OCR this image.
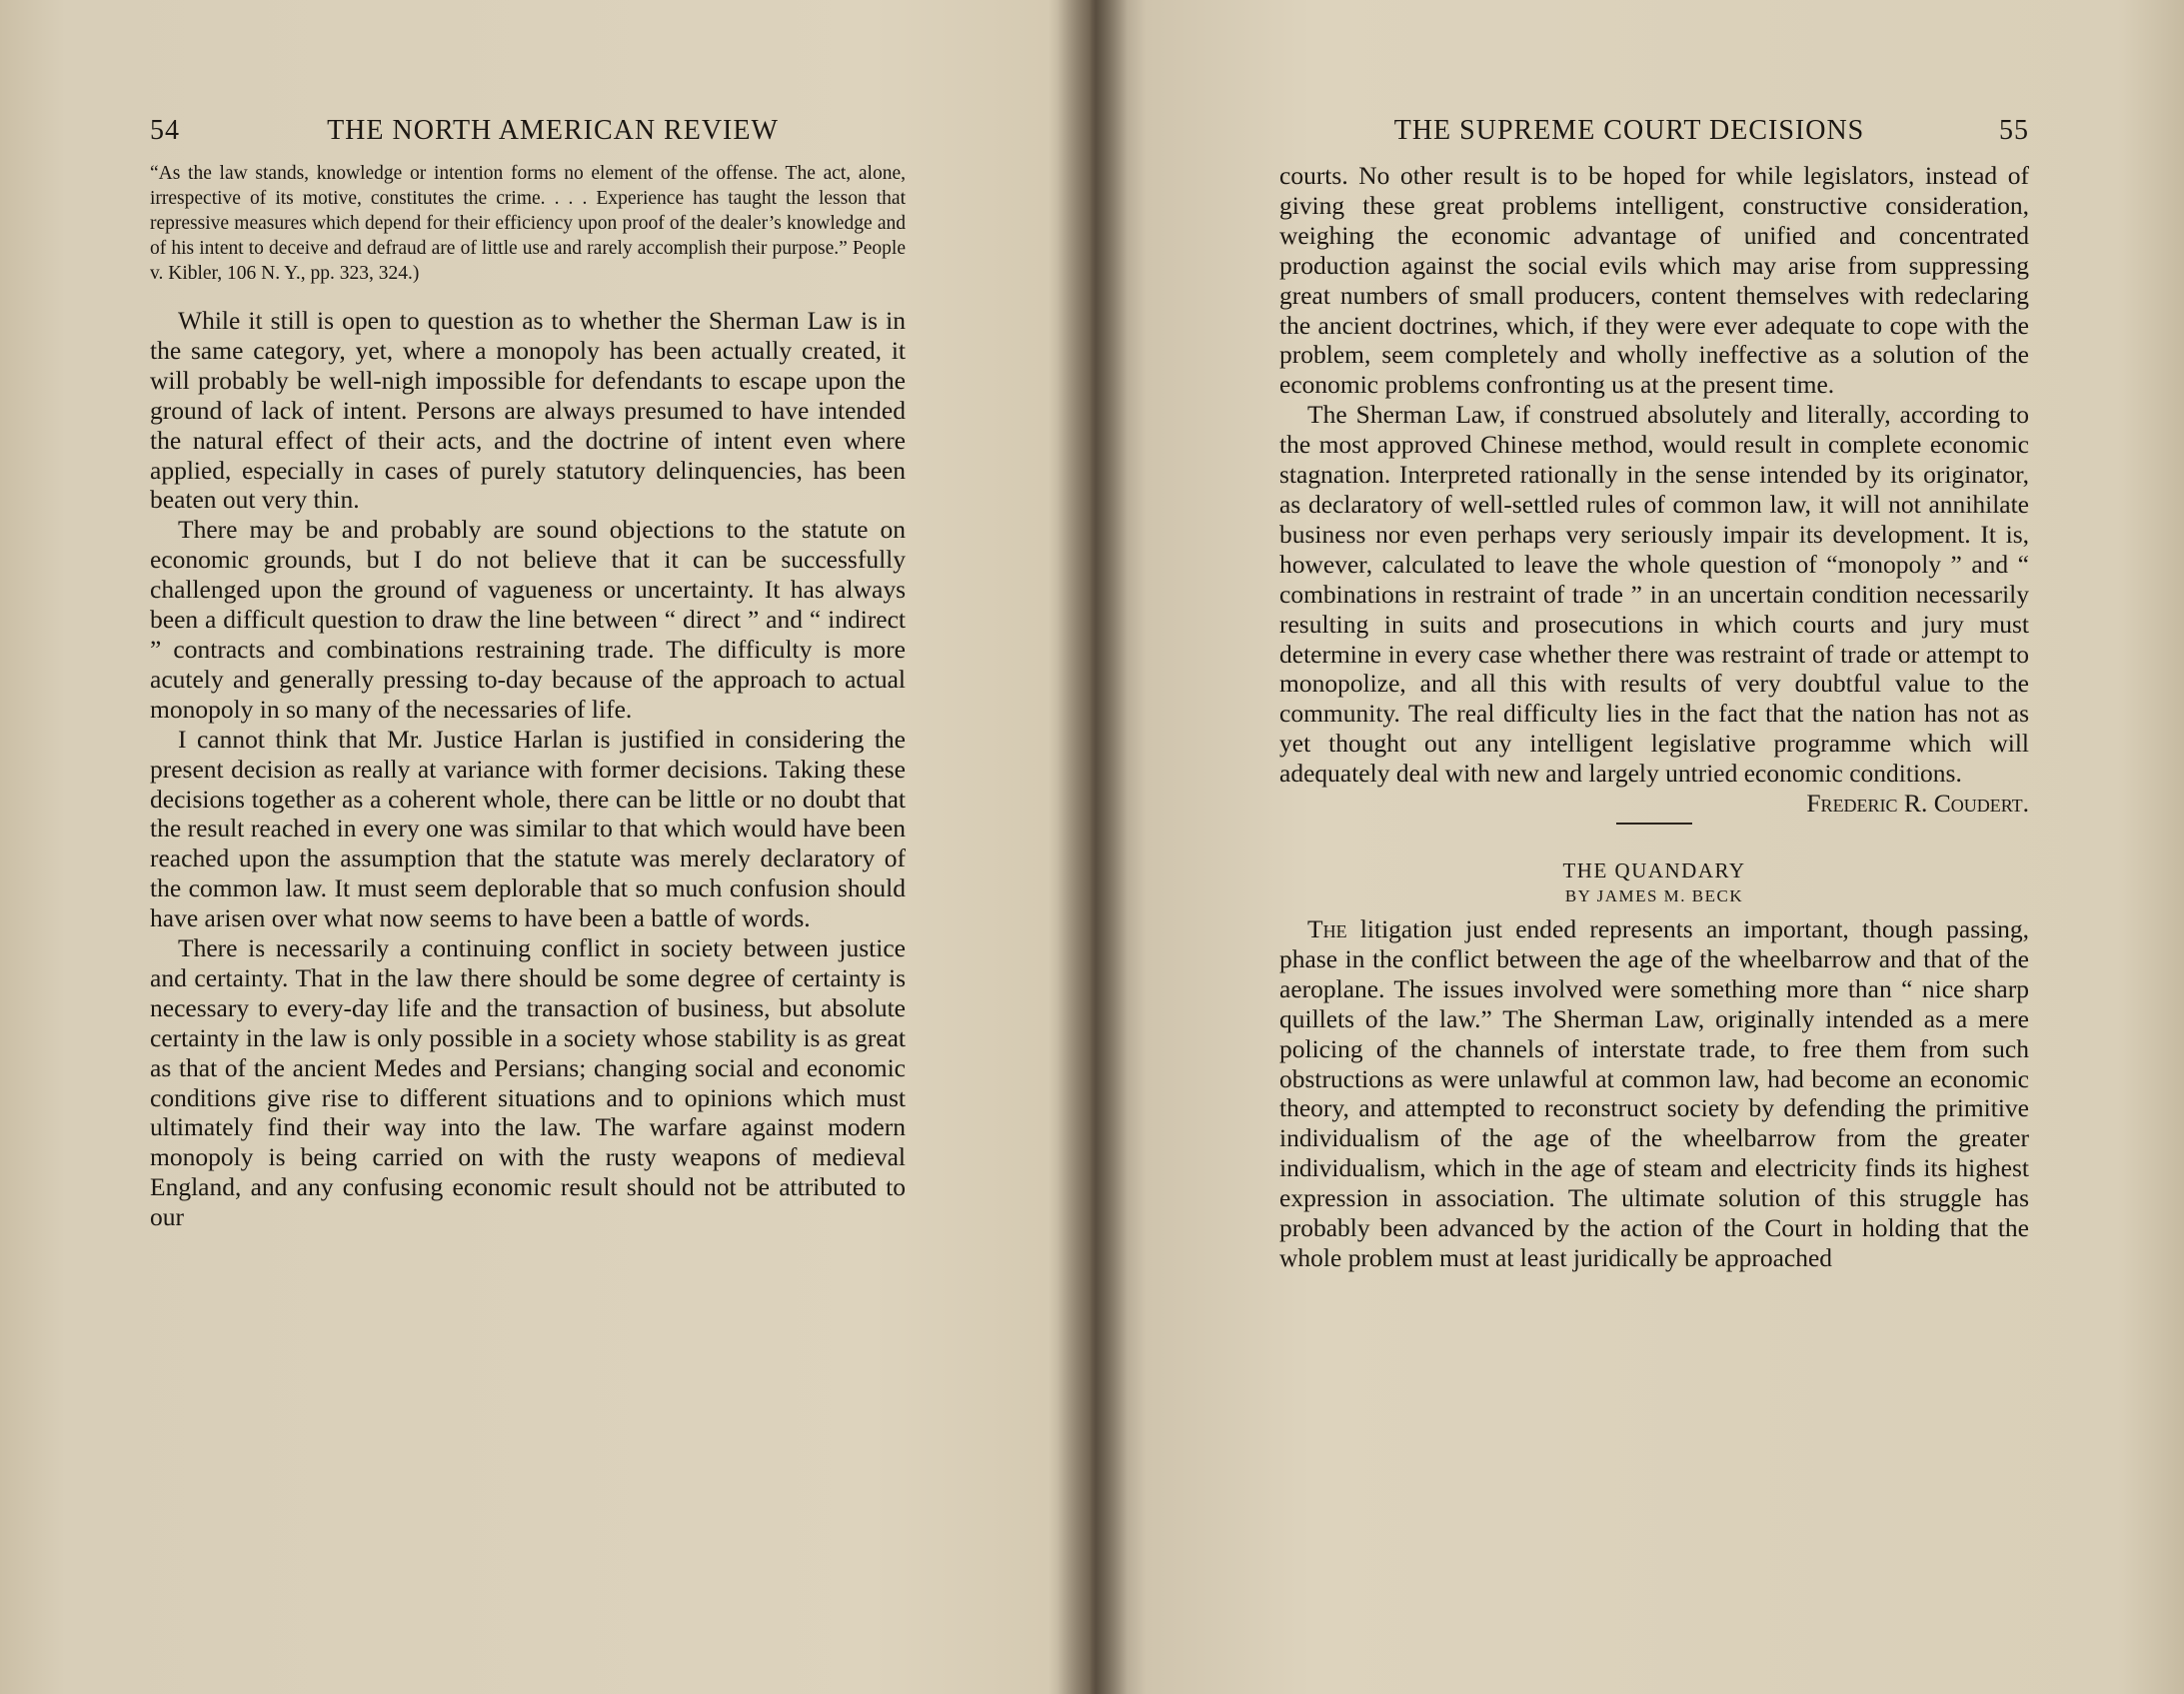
54	THE NORTH AMERICAN REVIEW

“As the law stands, knowledge or intention forms no element of the offense. The act, alone, irrespective of its motive, constitutes the crime. . . . Experience has taught the lesson that repressive measures which depend for their efficiency upon proof of the dealer’s knowledge and of his intent to deceive and defraud are of little use and rarely accomplish their purpose.” People v. Kibler, 106 N. Y., pp. 323, 324.)

While it still is open to question as to whether the Sherman Law is in the same category, yet, where a monopoly has been actually created, it will probably be well-nigh impossible for defendants to escape upon the ground of lack of intent. Persons are always presumed to have intended the natural effect of their acts, and the doctrine of intent even where applied, especially in cases of purely statutory delinquencies, has been beaten out very thin.

There may be and probably are sound objections to the statute on economic grounds, but I do not believe that it can be successfully challenged upon the ground of vagueness or uncertainty. It has always been a difficult question to draw the line between “ direct ” and “ indirect ” contracts and combinations restraining trade. The difficulty is more acutely and generally pressing to-day because of the approach to actual monopoly in so many of the necessaries of life.

I cannot think that Mr. Justice Harlan is justified in considering the present decision as really at variance with former decisions. Taking these decisions together as a coherent whole, there can be little or no doubt that the result reached in every one was similar to that which would have been reached upon the assumption that the statute was merely declaratory of the common law. It must seem deplorable that so much confusion should have arisen over what now seems to have been a battle of words.

There is necessarily a continuing conflict in society between justice and certainty. That in the law there should be some degree of certainty is necessary to every-day life and the transaction of business, but absolute certainty in the law is only possible in a society whose stability is as great as that of the ancient Medes and Persians; changing social and economic conditions give rise to different situations and to opinions which must ultimately find their way into the law. The warfare against modern monopoly is being carried on with the rusty weapons of medieval England, and any confusing economic result should not be attributed to our

THE SUPREME COURT DECISIONS	55

courts. No other result is to be hoped for while legislators, instead of giving these great problems intelligent, constructive consideration, weighing the economic advantage of unified and concentrated production against the social evils which may arise from suppressing great numbers of small producers, content themselves with redeclaring the ancient doctrines, which, if they were ever adequate to cope with the problem, seem completely and wholly ineffective as a solution of the economic problems confronting us at the present time.

The Sherman Law, if construed absolutely and literally, according to the most approved Chinese method, would result in complete economic stagnation. Interpreted rationally in the sense intended by its originator, as declaratory of well-settled rules of common law, it will not annihilate business nor even perhaps very seriously impair its development. It is, however, calculated to leave the whole question of “monopoly ” and “ combinations in restraint of trade ” in an uncertain condition necessarily resulting in suits and prosecutions in which courts and jury must determine in every case whether there was restraint of trade or attempt to monopolize, and all this with results of very doubtful value to the community. The real difficulty lies in the fact that the nation has not as yet thought out any intelligent legislative programme which will adequately deal with new and largely untried economic conditions.
Frederic R. Coudert.

THE QUANDARY
BY JAMES M. BECK

The litigation just ended represents an important, though passing, phase in the conflict between the age of the wheelbarrow and that of the aeroplane. The issues involved were something more than “ nice sharp quillets of the law.” The Sherman Law, originally intended as a mere policing of the channels of interstate trade, to free them from such obstructions as were unlawful at common law, had become an economic theory, and attempted to reconstruct society by defending the primitive individualism of the age of the wheelbarrow from the greater individualism, which in the age of steam and electricity finds its highest expression in association. The ultimate solution of this struggle has probably been advanced by the action of the Court in holding that the whole problem must at least juridically be approached
